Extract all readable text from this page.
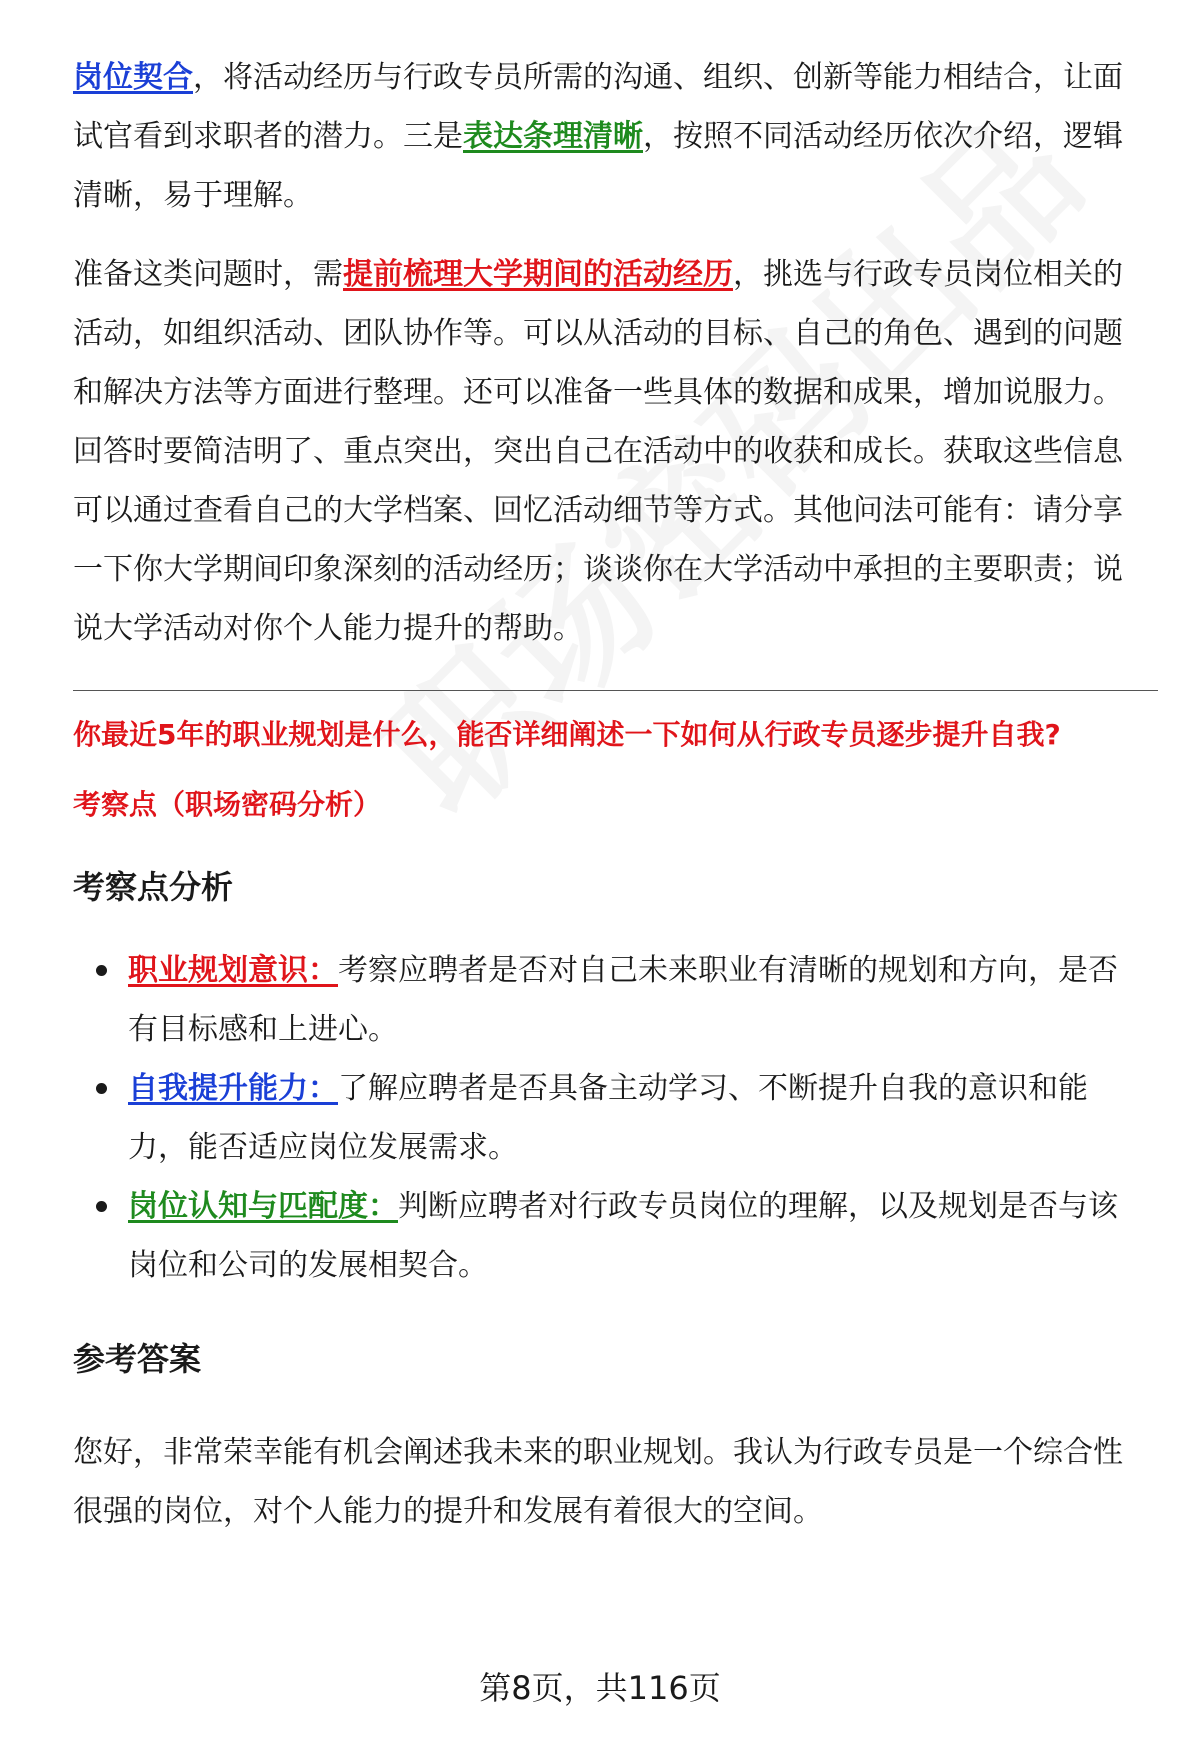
岗位契合，将活动经历与行政专员所需的沟通、组织、创新等能力相结合，让面试官看到求职者的潜力。三是表达条理清晰，按照不同活动经历依次介绍，逻辑清晰，易于理解。

准备这类问题时，需提前梳理大学期间的活动经历，挑选与行政专员岗位相关的活动，如组织活动、团队协作等。可以从活动的目标、自己的角色、遇到的问题和解决方法等方面进行整理。还可以准备一些具体的数据和成果，增加说服力。回答时要简洁明了、重点突出，突出自己在活动中的收获和成长。获取这些信息可以通过查看自己的大学档案、回忆活动细节等方式。其他问法可能有：请分享一下你大学期间印象深刻的活动经历；谈谈你在大学活动中承担的主要职责；说说大学活动对你个人能力提升的帮助。

你最近5年的职业规划是什么，能否详细阐述一下如何从行政专员逐步提升自我?

考察点（职场密码分析）

考察点分析
职业规划意识：考察应聘者是否对自己未来职业有清晰的规划和方向，是否有目标感和上进心。
自我提升能力：了解应聘者是否具备主动学习、不断提升自我的意识和能力，能否适应岗位发展需求。
岗位认知与匹配度：判断应聘者对行政专员岗位的理解，以及规划是否与该岗位和公司的发展相契合。
参考答案

您好，非常荣幸能有机会阐述我未来的职业规划。我认为行政专员是一个综合性很强的岗位，对个人能力的提升和发展有着很大的空间。

第8页，共116页
